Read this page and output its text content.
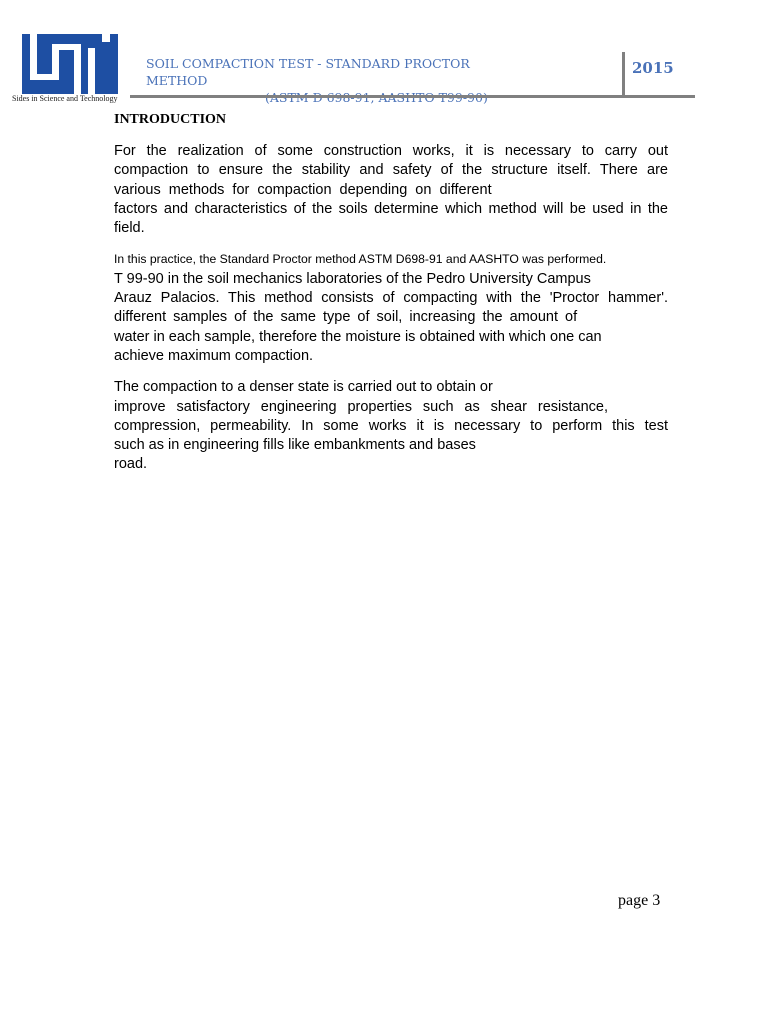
Sides in Science and Technology
SOIL COMPACTION TEST - STANDARD PROCTOR METHOD
2015
INTRODUCTION
For the realization of some construction works, it is necessary to carry out
compaction to ensure the stability and safety of the structure itself. There are
various methods for compaction depending on different
factors and characteristics of the soils determine which method will be used in the
field.
In this practice, the Standard Proctor method ASTM D698-91 and AASHTO was performed.
T 99-90 in the soil mechanics laboratories of the Pedro University Campus
Arauz Palacios. This method consists of compacting with the 'Proctor hammer'.
different samples of the same type of soil, increasing the amount of
water in each sample, therefore the moisture is obtained with which one can
achieve maximum compaction.
The compaction to a denser state is carried out to obtain or
improve satisfactory engineering properties such as shear resistance,
compression, permeability. In some works it is necessary to perform this test
such as in engineering fills like embankments and bases
road.
page 3
